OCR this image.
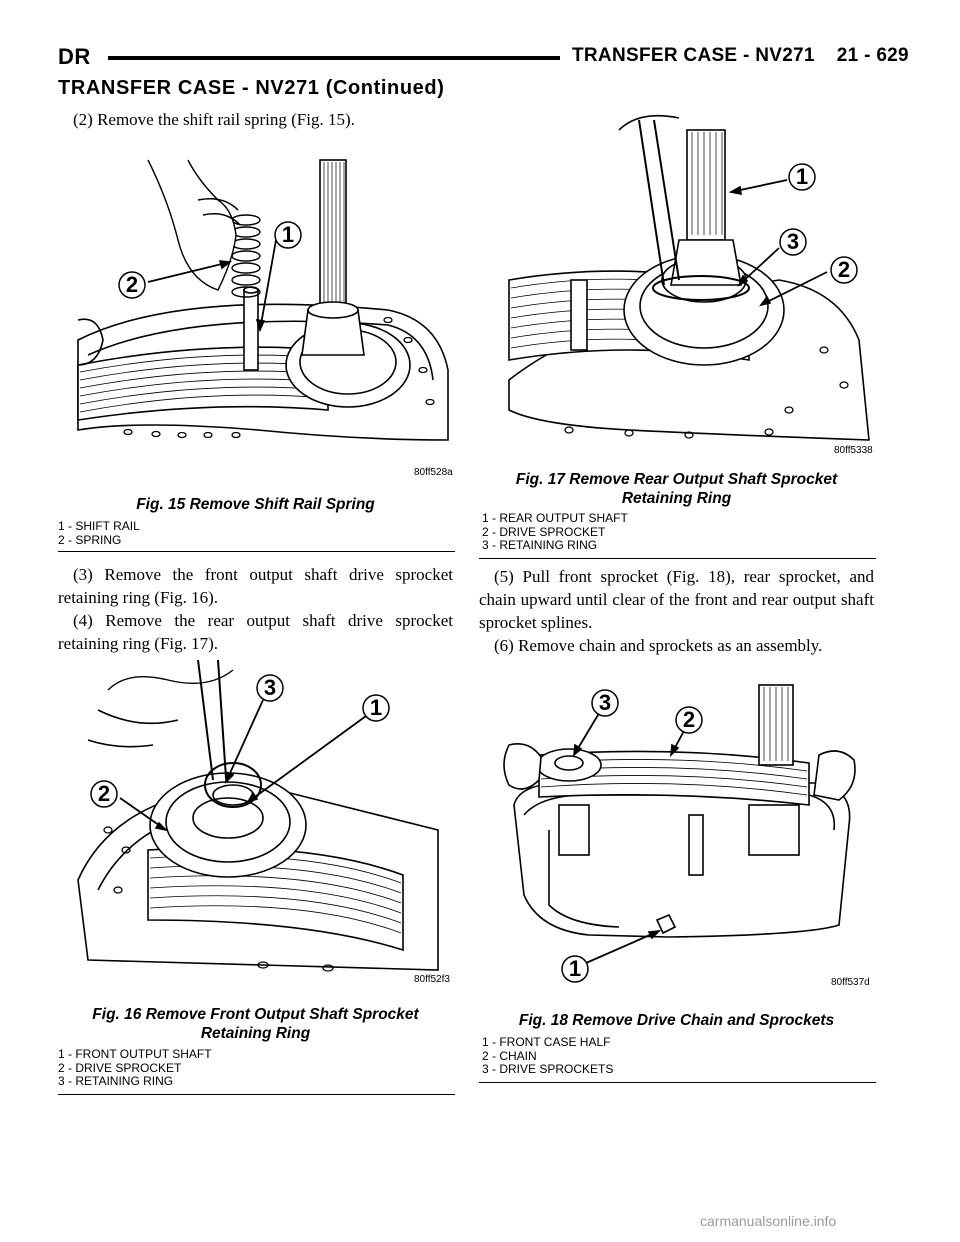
DR	TRANSFER CASE - NV271 21 - 629
TRANSFER CASE - NV271 (Continued)

(2) Remove the shift rail spring (Fig. 15).

1
2
80ff528a
Fig. 15 Remove Shift Rail Spring
1 - SHIFT RAIL
2 - SPRING

(3) Remove the front output shaft drive sprocket retaining ring (Fig. 16).

(4) Remove the rear output shaft drive sprocket retaining ring (Fig. 17).

1
2
3
80ff52f3
Fig. 16 Remove Front Output Shaft Sprocket
Retaining Ring
1 - FRONT OUTPUT SHAFT
2 - DRIVE SPROCKET
3 - RETAINING RING
1
2
3
80ff5338
Fig. 17 Remove Rear Output Shaft Sprocket
Retaining Ring
1 - REAR OUTPUT SHAFT
2 - DRIVE SPROCKET
3 - RETAINING RING

(5) Pull front sprocket (Fig. 18), rear sprocket, and chain upward until clear of the front and rear output shaft sprocket splines.

(6) Remove chain and sprockets as an assembly.

1
2
3
80ff537d
Fig. 18 Remove Drive Chain and Sprockets
1 - FRONT CASE HALF
2 - CHAIN
3 - DRIVE SPROCKETS
carmanualsonline.info
